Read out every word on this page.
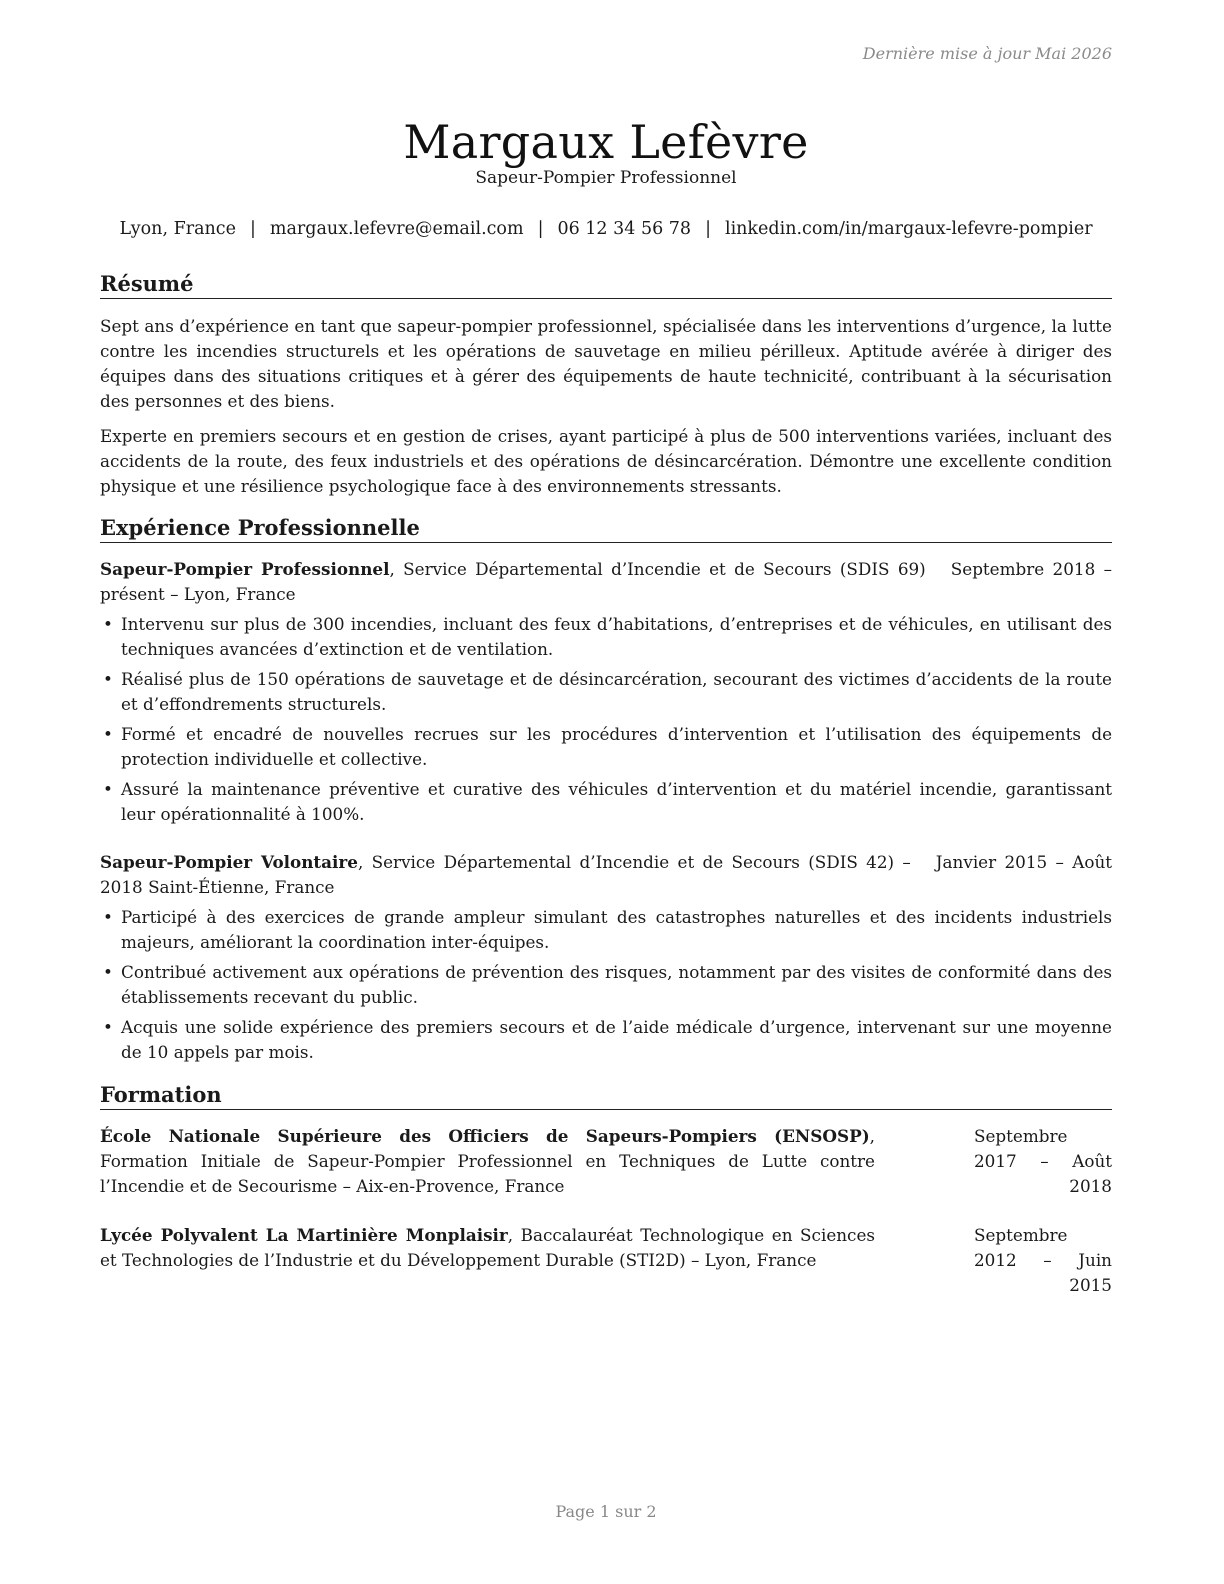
Dernière mise à jour Mai 2026
Margaux Lefèvre
Sapeur-Pompier Professionnel
Lyon, France | margaux.lefevre@email.com | 06 12 34 56 78 | linkedin.com/in/margaux-lefevre-pompier
Résumé

Sept ans d’expérience en tant que sapeur-pompier professionnel, spécialisée dans les interventions d’urgence, la lutte contre les incendies structurels et les opérations de sauvetage en milieu périlleux. Aptitude avérée à diriger des équipes dans des situations critiques et à gérer des équipements de haute technicité, contribuant à la sécurisation des personnes et des biens.

Experte en premiers secours et en gestion de crises, ayant participé à plus de 500 interventions variées, incluant des accidents de la route, des feux industriels et des opérations de désincarcération. Démontre une excellente condition physique et une résilience psychologique face à des environnements stressants.

Expérience Professionnelle
Sapeur-Pompier Professionnel, Service Départemental d’Incendie et de Secours (SDIS 69) Septembre 2018 – présent – Lyon, France
• Intervenu sur plus de 300 incendies, incluant des feux d’habitations, d’entreprises et de véhicules, en utilisant des techniques avancées d’extinction et de ventilation.
• Réalisé plus de 150 opérations de sauvetage et de désincarcération, secourant des victimes d’accidents de la route et d’effondrements structurels.
• Formé et encadré de nouvelles recrues sur les procédures d’intervention et l’utilisation des équipements de protection individuelle et collective.
• Assuré la maintenance préventive et curative des véhicules d’intervention et du matériel incendie, garantissant leur opérationnalité à 100%.
Sapeur-Pompier Volontaire, Service Départemental d’Incendie et de Secours (SDIS 42) – Janvier 2015 – Août 2018 Saint-Étienne, France
• Participé à des exercices de grande ampleur simulant des catastrophes naturelles et des incidents industriels majeurs, améliorant la coordination inter-équipes.
• Contribué activement aux opérations de prévention des risques, notamment par des visites de conformité dans des établissements recevant du public.
• Acquis une solide expérience des premiers secours et de l’aide médicale d’urgence, intervenant sur une moyenne de 10 appels par mois.
Formation
École Nationale Supérieure des Officiers de Sapeurs-Pompiers (ENSOSP), Formation Initiale de Sapeur-Pompier Professionnel en Techniques de Lutte contre l’Incendie et de Secourisme – Aix-en-Provence, France
Septembre 2017 – Août 2018
Lycée Polyvalent La Martinière Monplaisir, Baccalauréat Technologique en Sciences et Technologies de l’Industrie et du Développement Durable (STI2D) – Lyon, France
Septembre 2012 – Juin 2015
Page 1 sur 2
